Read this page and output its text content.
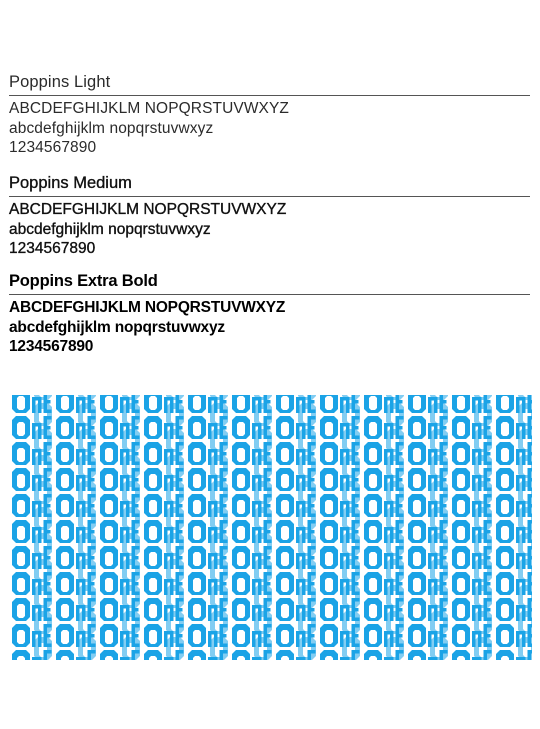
Poppins Light
ABCDEFGHIJKLM NOPQRSTUVWXYZ
abcdefghijklm nopqrstuvwxyz
1234567890
Poppins Medium
ABCDEFGHIJKLM NOPQRSTUVWXYZ
abcdefghijklm nopqrstuvwxyz
1234567890
Poppins Extra Bold
ABCDEFGHIJKLM NOPQRSTUVWXYZ
abcdefghijklm nopqrstuvwxyz
1234567890
